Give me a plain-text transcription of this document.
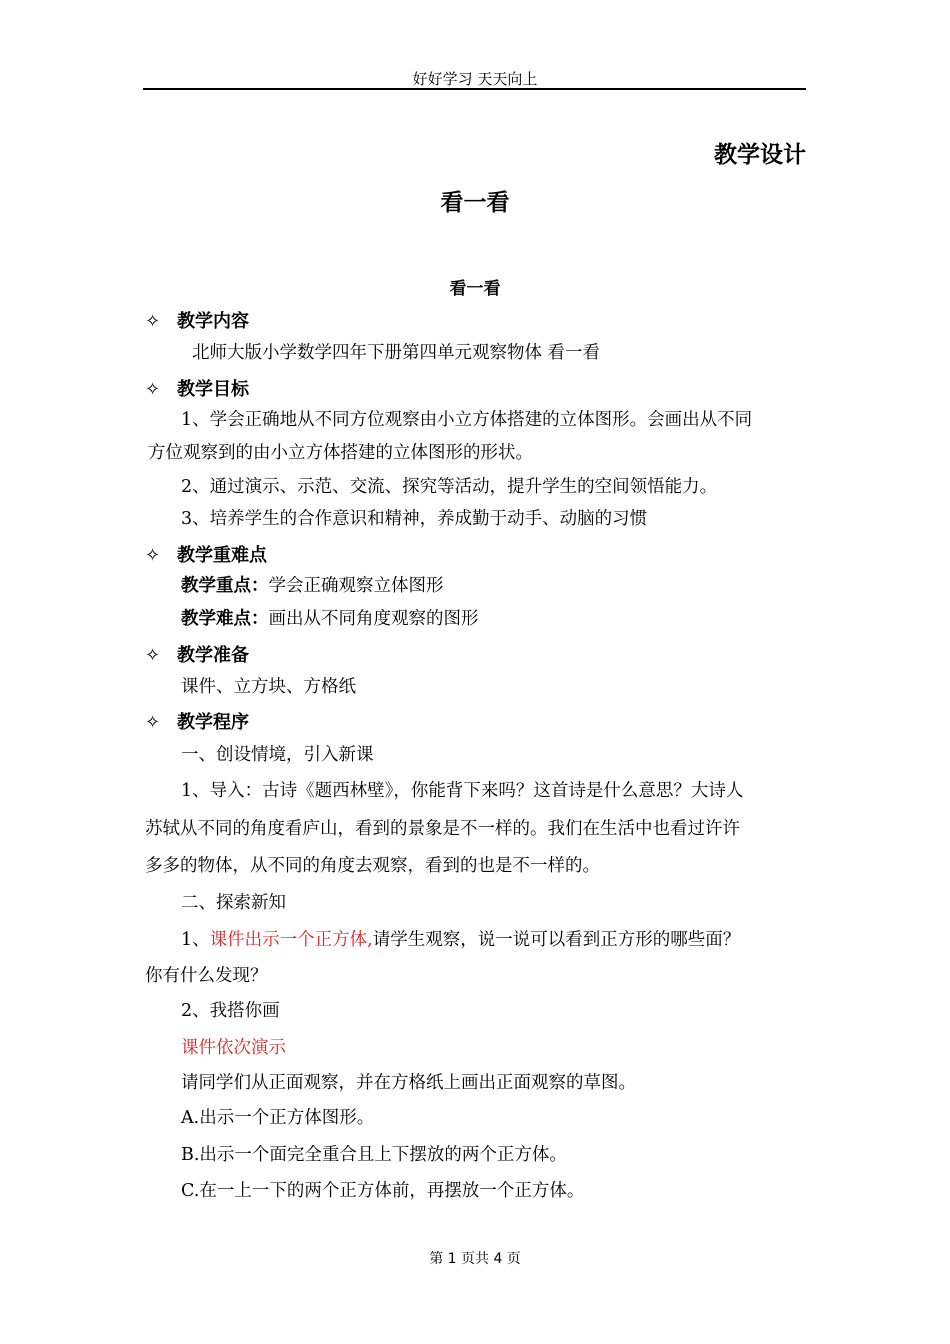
好好学习 天天向上
教学设计
看一看
看一看
✧ 教学内容
北师大版小学数学四年下册第四单元观察物体 看一看
✧ 教学目标
1、学会正确地从不同方位观察由小立方体搭建的立体图形。会画出从不同
方位观察到的由小立方体搭建的立体图形的形状。
2、通过演示、示范、交流、探究等活动，提升学生的空间领悟能力。
3、培养学生的合作意识和精神，养成勤于动手、动脑的习惯
✧ 教学重难点
教学重点：学会正确观察立体图形
教学难点：画出从不同角度观察的图形
✧ 教学准备
课件、立方块、方格纸
✧ 教学程序
一、创设情境，引入新课
1、导入：古诗《题西林壁》，你能背下来吗？这首诗是什么意思？大诗人
苏轼从不同的角度看庐山，看到的景象是不一样的。我们在生活中也看过许许
多多的物体，从不同的角度去观察，看到的也是不一样的。
二、探索新知
1、课件出示一个正方体,请学生观察，说一说可以看到正方形的哪些面？
你有什么发现？
2、我搭你画
课件依次演示
请同学们从正面观察，并在方格纸上画出正面观察的草图。
A.出示一个正方体图形。
B.出示一个面完全重合且上下摆放的两个正方体。
C.在一上一下的两个正方体前，再摆放一个正方体。
第 1 页共 4 页
